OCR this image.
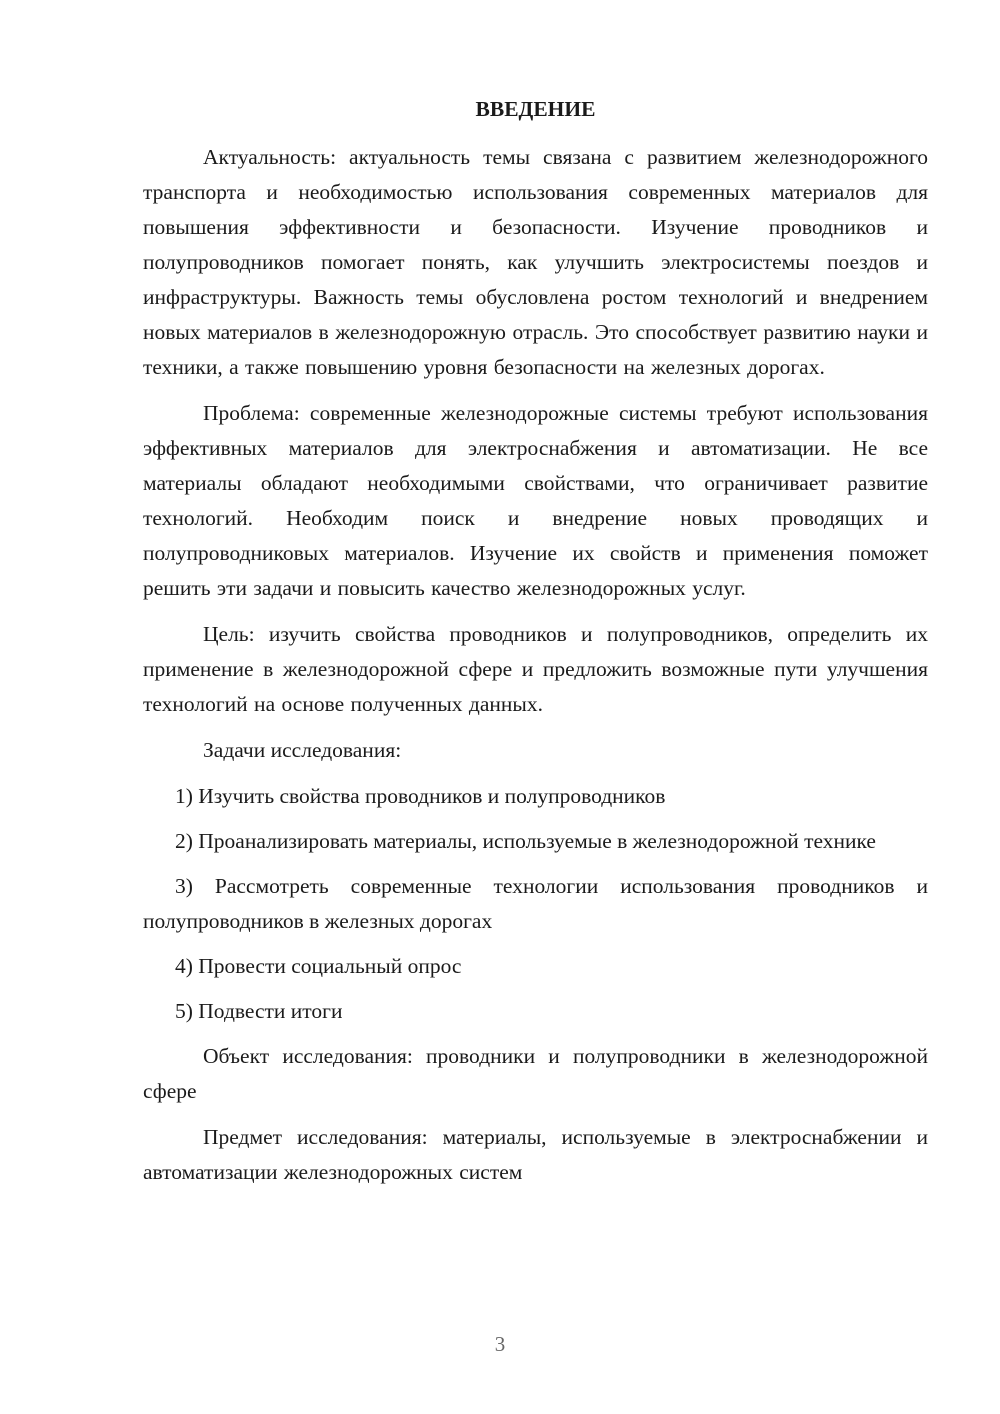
ВВЕДЕНИЕ

Актуальность: актуальность темы связана с развитием железнодорожного транспорта и необходимостью использования современных материалов для повышения эффективности и безопасности. Изучение проводников и полупроводников помогает понять, как улучшить электросистемы поездов и инфраструктуры. Важность темы обусловлена ростом технологий и внедрением новых материалов в железнодорожную отрасль. Это способствует развитию науки и техники, а также повышению уровня безопасности на железных дорогах.

Проблема: современные железнодорожные системы требуют использования эффективных материалов для электроснабжения и автоматизации. Не все материалы обладают необходимыми свойствами, что ограничивает развитие технологий. Необходим поиск и внедрение новых проводящих и полупроводниковых материалов. Изучение их свойств и применения поможет решить эти задачи и повысить качество железнодорожных услуг.

Цель: изучить свойства проводников и полупроводников, определить их применение в железнодорожной сфере и предложить возможные пути улучшения технологий на основе полученных данных.

Задачи исследования:

1) Изучить свойства проводников и полупроводников

2) Проанализировать материалы, используемые в железнодорожной технике

3) Рассмотреть современные технологии использования проводников и полупроводников в железных дорогах

4) Провести социальный опрос

5) Подвести итоги

Объект исследования: проводники и полупроводники в железнодорожной сфере

Предмет исследования: материалы, используемые в электроснабжении и автоматизации железнодорожных систем

3
